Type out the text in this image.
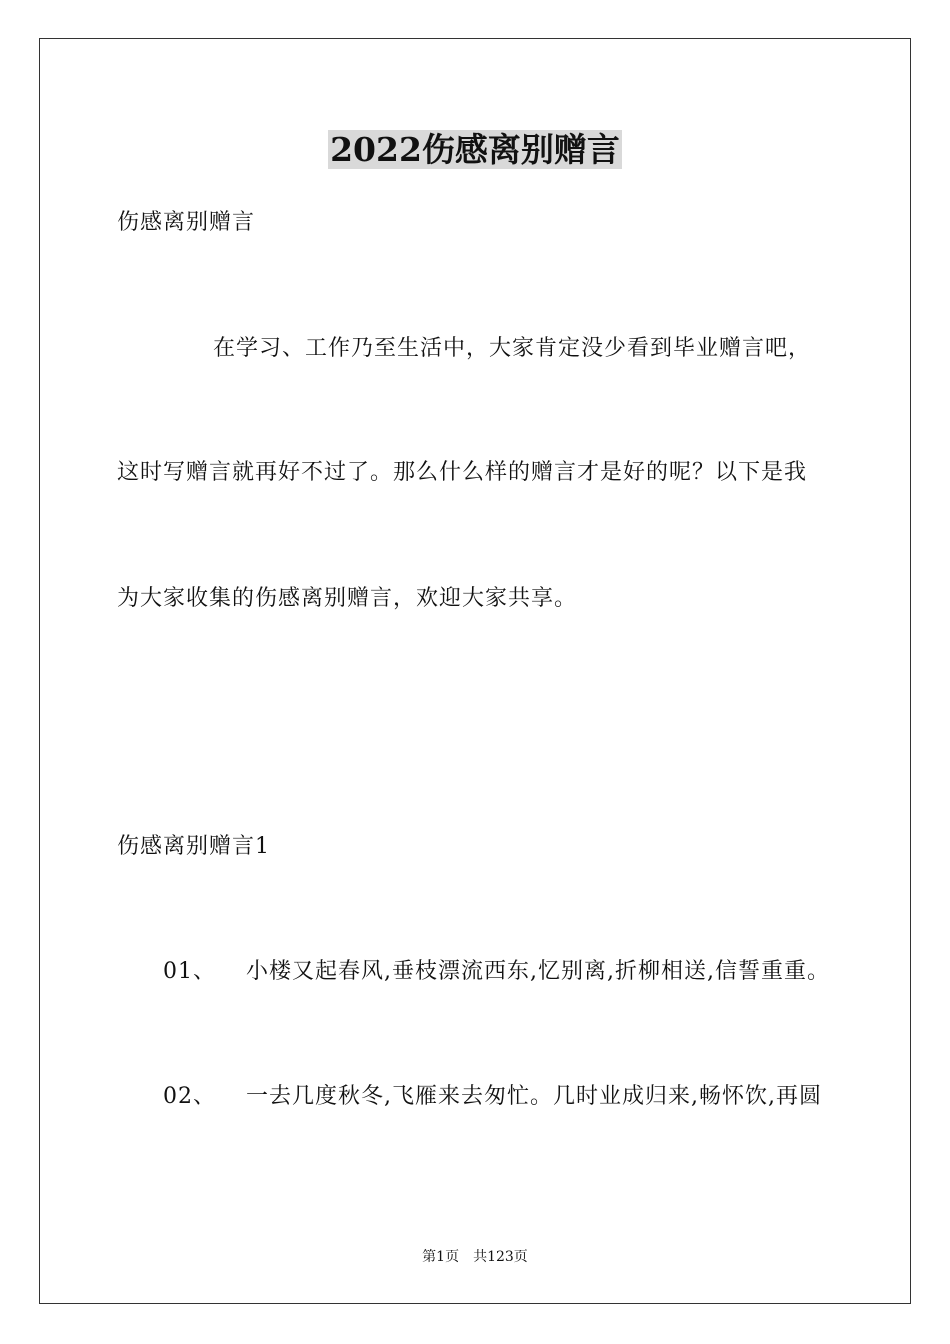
2022伤感离别赠言
伤感离别赠言
在学习、工作乃至生活中，大家肯定没少看到毕业赠言吧，
这时写赠言就再好不过了。那么什么样的赠言才是好的呢？以下是我
为大家收集的伤感离别赠言，欢迎大家共享。
伤感离别赠言1
01、 小楼又起春风,垂枝漂流西东,忆别离,折柳相送,信誓重重。
02、 一去几度秋冬,飞雁来去匆忙。几时业成归来,畅怀饮,再圆
第1页　共123页
